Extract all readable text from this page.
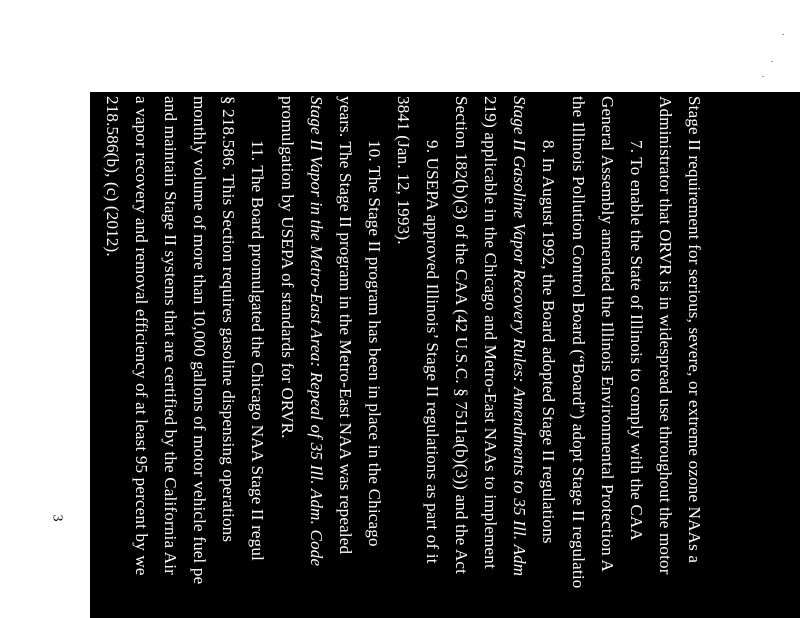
Stage II requirement for serious, severe, or extreme ozone NAAs a
Administrator that ORVR is in widespread use throughout the motor
7. To enable the State of Illinois to comply with the CAA
General Assembly amended the Illinois Environmental Protection A
the Illinois Pollution Control Board (“Board”) adopt Stage II regulatio
8. In August 1992, the Board adopted Stage II regulations
Stage II Gasoline Vapor Recovery Rules: Amendments to 35 Ill. Adm
219) applicable in the Chicago and Metro-East NAAs to implement
Section 182(b)(3) of the CAA (42 U.S.C. § 7511a(b)(3)) and the Act
9. USEPA approved Illinois’ Stage II regulations as part of it
3841 (Jan. 12, 1993).
10. The Stage II program has been in place in the Chicago
years. The Stage II program in the Metro-East NAA was repealed
Stage II Vapor in the Metro-East Area: Repeal of 35 Ill. Adm. Code
promulgation by USEPA of standards for ORVR.
11. The Board promulgated the Chicago NAA Stage II regul
§ 218.586. This Section requires gasoline dispensing operations
monthly volume of more than 10,000 gallons of motor vehicle fuel pe
and maintain Stage II systems that are certified by the California Air
a vapor recovery and removal efficiency of at least 95 percent by we
218.586(b), (c) (2012).
3
